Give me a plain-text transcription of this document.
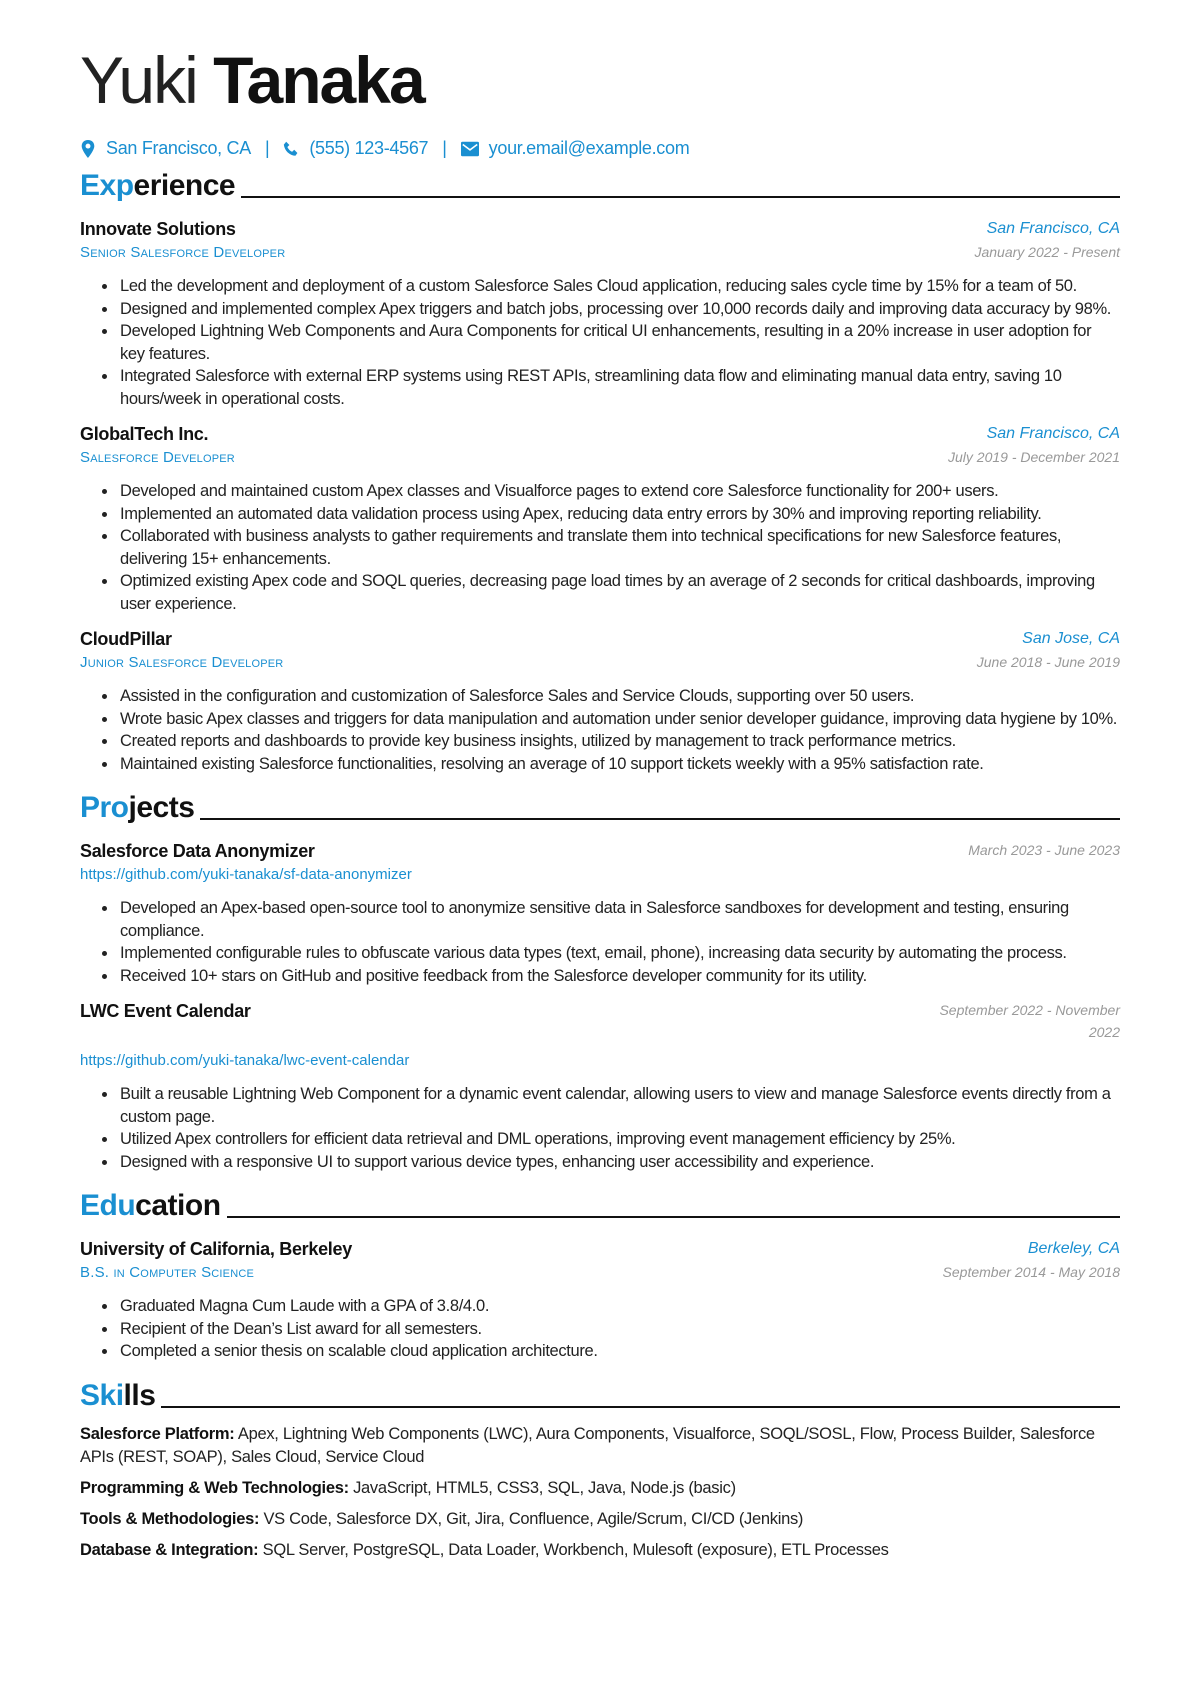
Yuki Tanaka
San Francisco, CA | (555) 123-4567 | your.email@example.com
Experience
Innovate Solutions	San Francisco, CA
Senior Salesforce Developer	January 2022 - Present
• Led the development and deployment of a custom Salesforce Sales Cloud application, reducing sales cycle time by 15% for a team of 50.
• Designed and implemented complex Apex triggers and batch jobs, processing over 10,000 records daily and improving data accuracy by 98%.
• Developed Lightning Web Components and Aura Components for critical UI enhancements, resulting in a 20% increase in user adoption for key features.
• Integrated Salesforce with external ERP systems using REST APIs, streamlining data flow and eliminating manual data entry, saving 10 hours/week in operational costs.
GlobalTech Inc.	San Francisco, CA
Salesforce Developer	July 2019 - December 2021
• Developed and maintained custom Apex classes and Visualforce pages to extend core Salesforce functionality for 200+ users.
• Implemented an automated data validation process using Apex, reducing data entry errors by 30% and improving reporting reliability.
• Collaborated with business analysts to gather requirements and translate them into technical specifications for new Salesforce features, delivering 15+ enhancements.
• Optimized existing Apex code and SOQL queries, decreasing page load times by an average of 2 seconds for critical dashboards, improving user experience.
CloudPillar	San Jose, CA
Junior Salesforce Developer	June 2018 - June 2019
• Assisted in the configuration and customization of Salesforce Sales and Service Clouds, supporting over 50 users.
• Wrote basic Apex classes and triggers for data manipulation and automation under senior developer guidance, improving data hygiene by 10%.
• Created reports and dashboards to provide key business insights, utilized by management to track performance metrics.
• Maintained existing Salesforce functionalities, resolving an average of 10 support tickets weekly with a 95% satisfaction rate.
Projects
Salesforce Data Anonymizer	March 2023 - June 2023
https://github.com/yuki-tanaka/sf-data-anonymizer
• Developed an Apex-based open-source tool to anonymize sensitive data in Salesforce sandboxes for development and testing, ensuring compliance.
• Implemented configurable rules to obfuscate various data types (text, email, phone), increasing data security by automating the process.
• Received 10+ stars on GitHub and positive feedback from the Salesforce developer community for its utility.
LWC Event Calendar	September 2022 - November 2022
https://github.com/yuki-tanaka/lwc-event-calendar
• Built a reusable Lightning Web Component for a dynamic event calendar, allowing users to view and manage Salesforce events directly from a custom page.
• Utilized Apex controllers for efficient data retrieval and DML operations, improving event management efficiency by 25%.
• Designed with a responsive UI to support various device types, enhancing user accessibility and experience.
Education
University of California, Berkeley	Berkeley, CA
B.S. in Computer Science	September 2014 - May 2018
• Graduated Magna Cum Laude with a GPA of 3.8/4.0.
• Recipient of the Dean’s List award for all semesters.
• Completed a senior thesis on scalable cloud application architecture.
Skills

Salesforce Platform: Apex, Lightning Web Components (LWC), Aura Components, Visualforce, SOQL/SOSL, Flow, Process Builder, Salesforce APIs (REST, SOAP), Sales Cloud, Service Cloud

Programming & Web Technologies: JavaScript, HTML5, CSS3, SQL, Java, Node.js (basic)

Tools & Methodologies: VS Code, Salesforce DX, Git, Jira, Confluence, Agile/Scrum, CI/CD (Jenkins)

Database & Integration: SQL Server, PostgreSQL, Data Loader, Workbench, Mulesoft (exposure), ETL Processes
